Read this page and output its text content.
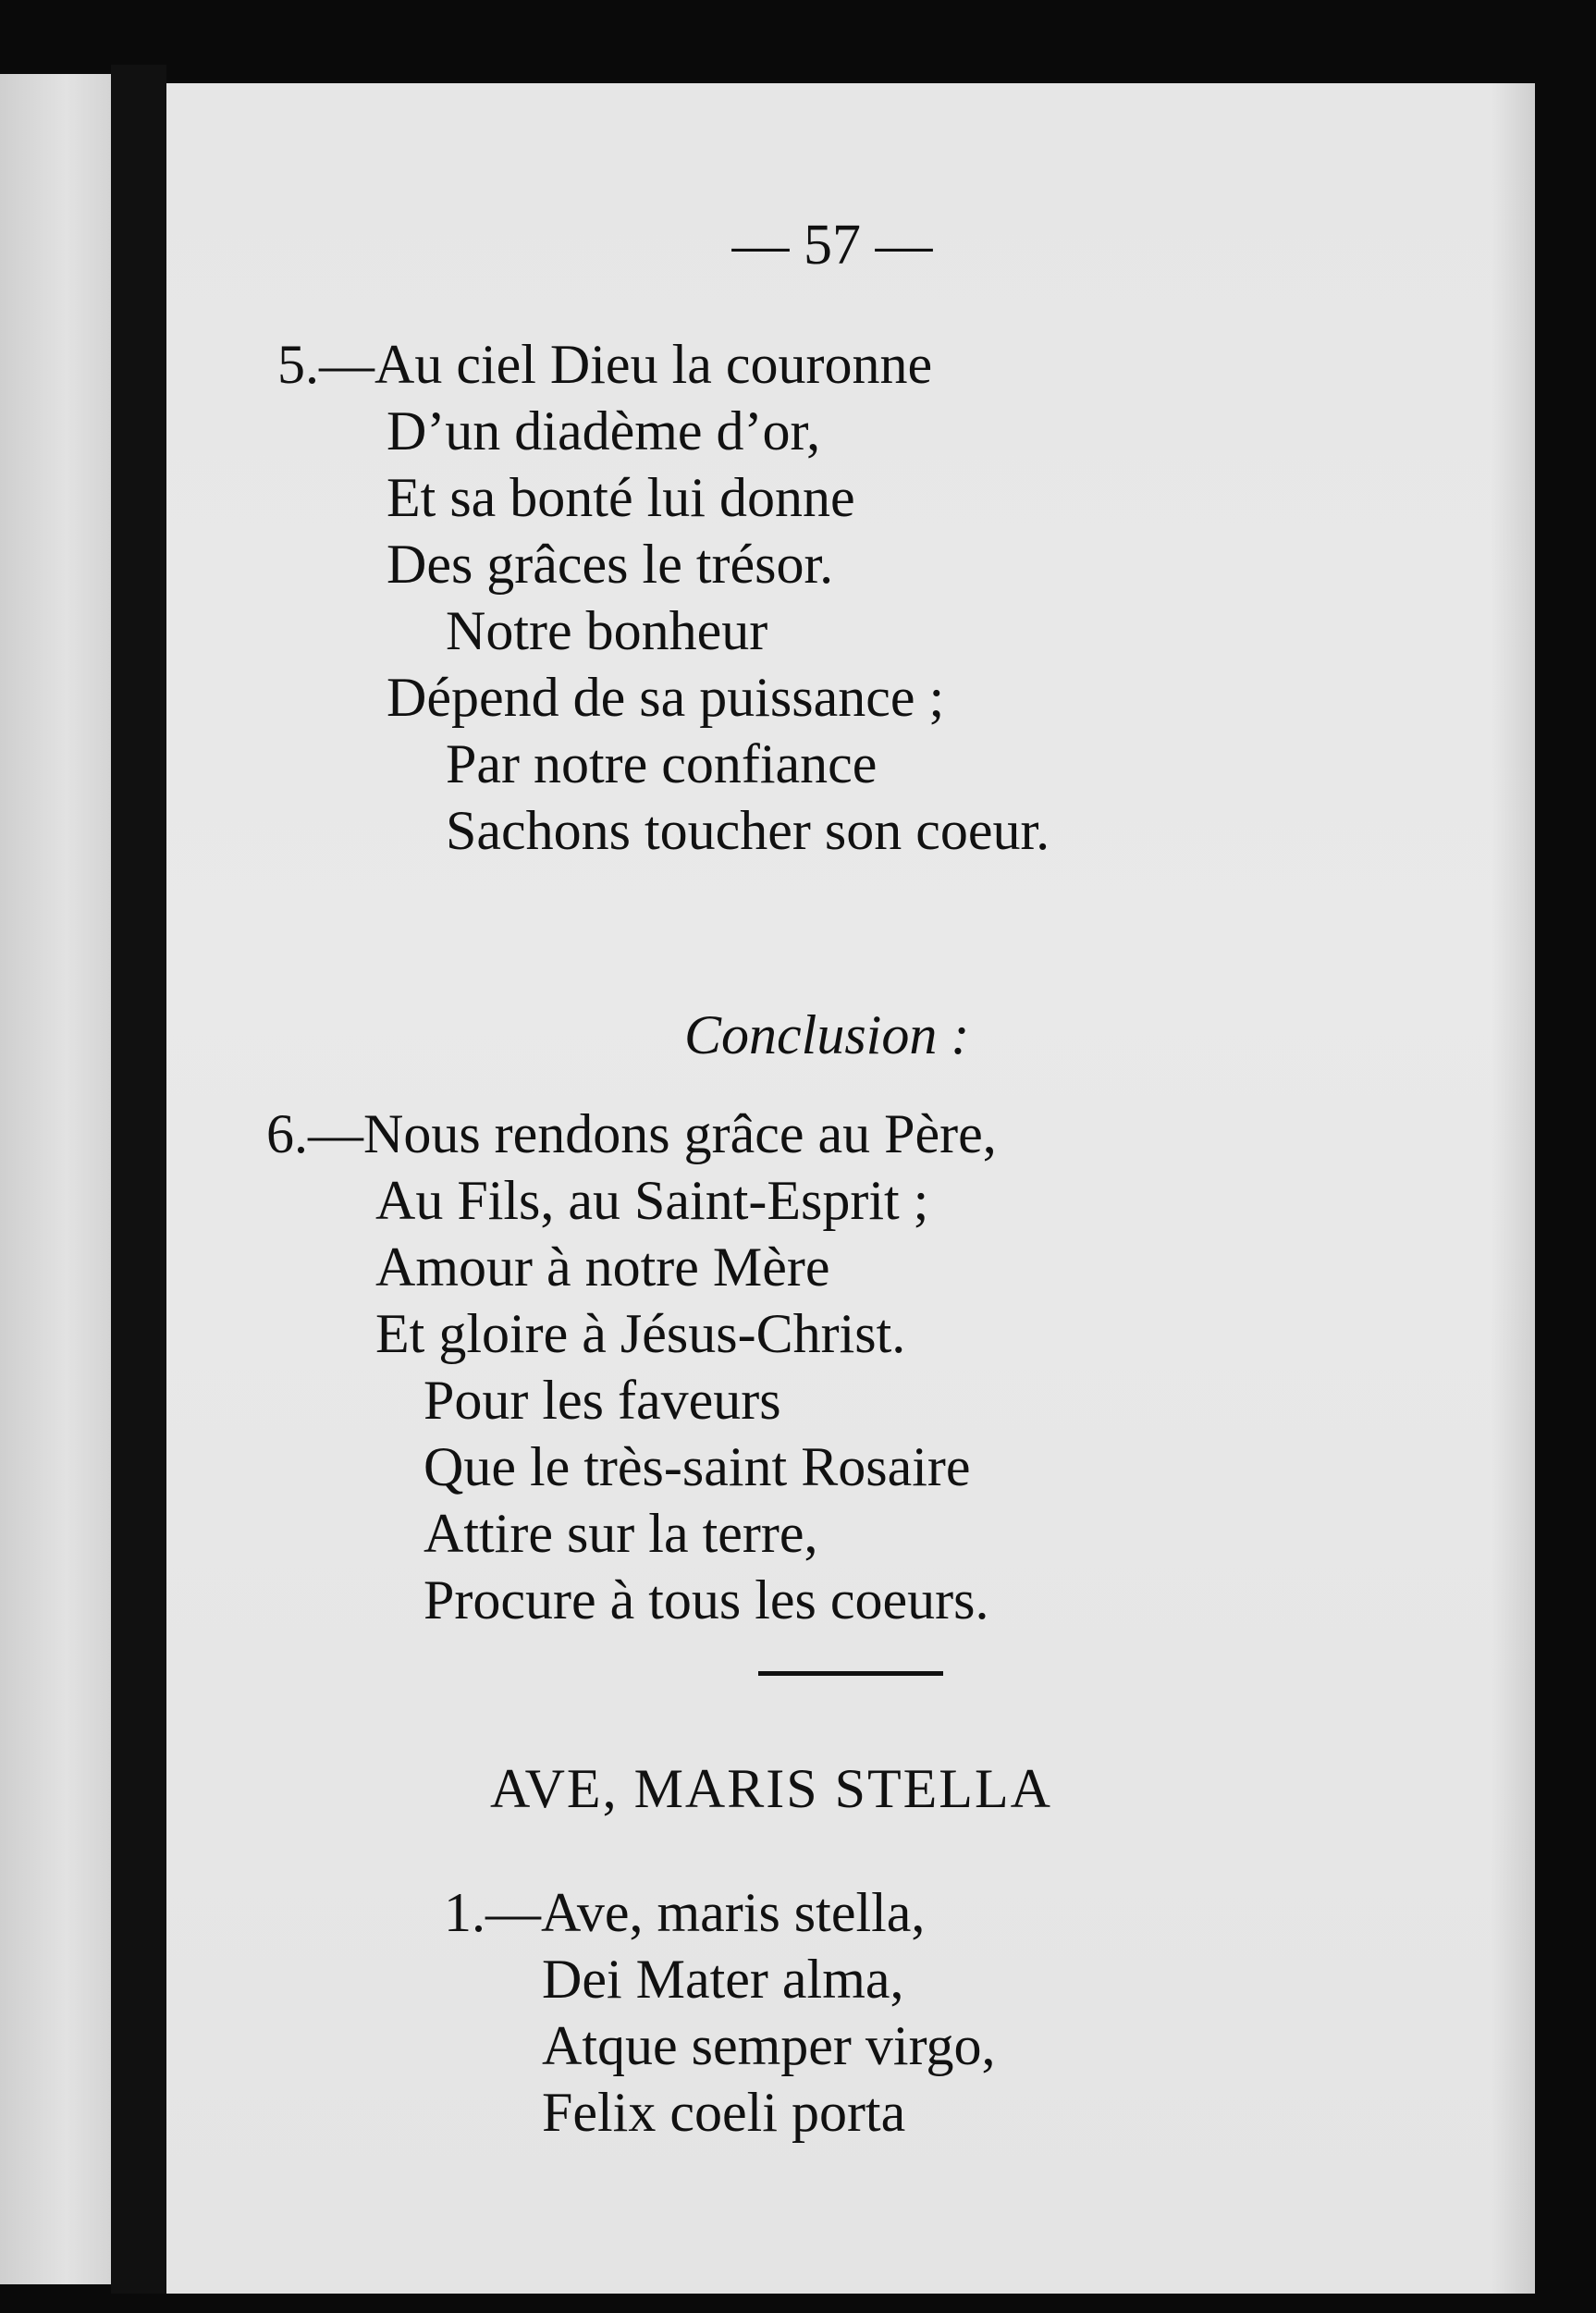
— 57 —
5.—Au ciel Dieu la couronne
D’un diadème d’or,
Et sa bonté lui donne
Des grâces le trésor.
Notre bonheur
Dépend de sa puissance ;
Par notre confiance
Sachons toucher son coeur.
Conclusion :
6.—Nous rendons grâce au Père,
Au Fils, au Saint-Esprit ;
Amour à notre Mère
Et gloire à Jésus-Christ.
Pour les faveurs
Que le très-saint Rosaire
Attire sur la terre,
Procure à tous les coeurs.
AVE, MARIS STELLA
1.—Ave, maris stella,
Dei Mater alma,
Atque semper virgo,
Felix coeli porta
